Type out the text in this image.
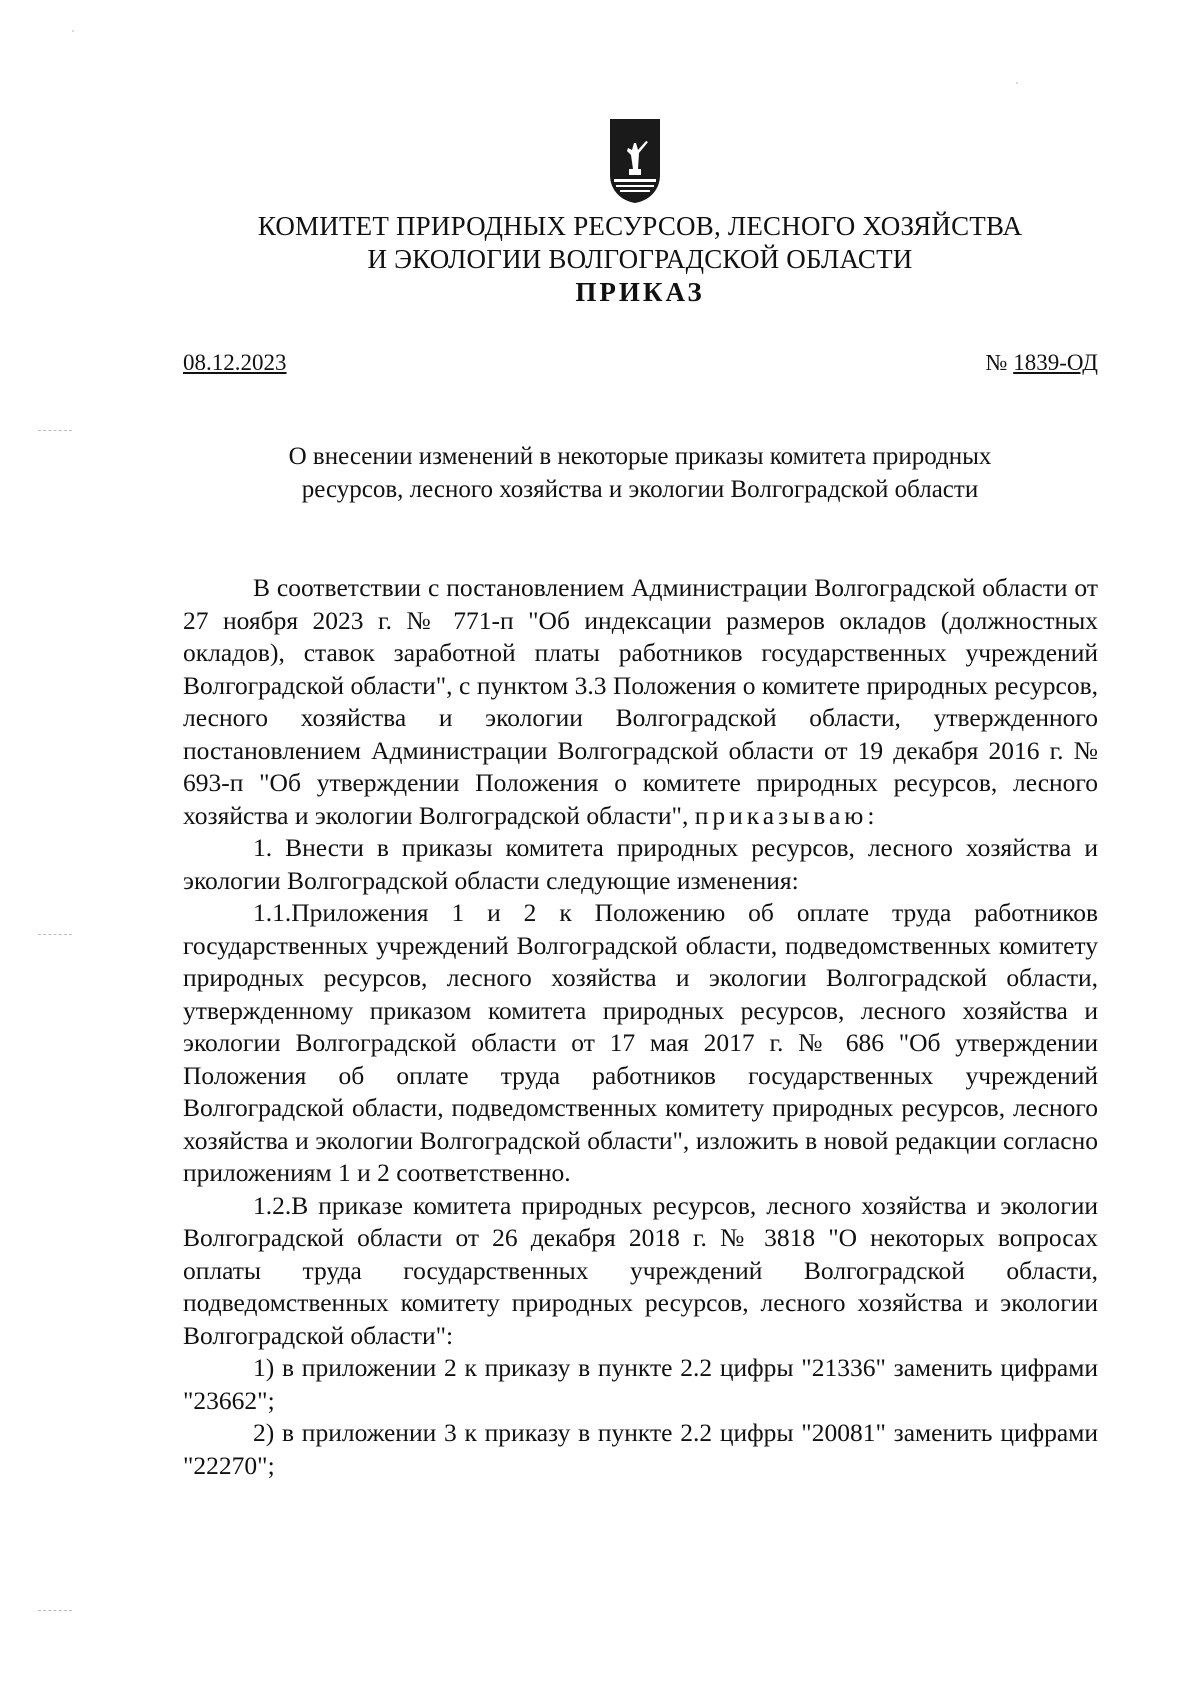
КОМИТЕТ ПРИРОДНЫХ РЕСУРСОВ, ЛЕСНОГО ХОЗЯЙСТВА
И ЭКОЛОГИИ ВОЛГОГРАДСКОЙ ОБЛАСТИ
ПРИКАЗ
08.12.2023	№ 1839-ОД
О внесении изменений в некоторые приказы комитета природных
ресурсов, лесного хозяйства и экологии Волгоградской области

В соответствии с постановлением Администрации Волгоградской области от 27 ноября 2023 г. № 771-п "Об индексации размеров окладов (должностных окладов), ставок заработной платы работников государственных учреждений Волгоградской области", с пунктом 3.3 Положения о комитете природных ресурсов, лесного хозяйства и экологии Волгоградской области, утвержденного постановлением Администрации Волгоградской области от 19 декабря 2016 г. № 693-п "Об утверждении Положения о комитете природных ресурсов, лесного хозяйства и экологии Волгоградской области", приказываю:

1. Внести в приказы комитета природных ресурсов, лесного хозяйства и экологии Волгоградской области следующие изменения:

1.1.Приложения 1 и 2 к Положению об оплате труда работников государственных учреждений Волгоградской области, подведомственных комитету природных ресурсов, лесного хозяйства и экологии Волгоградской области, утвержденному приказом комитета природных ресурсов, лесного хозяйства и экологии Волгоградской области от 17 мая 2017 г. № 686 "Об утверждении Положения об оплате труда работников государственных учреждений Волгоградской области, подведомственных комитету природных ресурсов, лесного хозяйства и экологии Волгоградской области", изложить в новой редакции согласно приложениям 1 и 2 соответственно.

1.2.В приказе комитета природных ресурсов, лесного хозяйства и экологии Волгоградской области от 26 декабря 2018 г. № 3818 "О некоторых вопросах оплаты труда государственных учреждений Волгоградской области, подведомственных комитету природных ресурсов, лесного хозяйства и экологии Волгоградской области":

1) в приложении 2 к приказу в пункте 2.2 цифры "21336" заменить цифрами "23662";

2) в приложении 3 к приказу в пункте 2.2 цифры "20081" заменить цифрами "22270";
